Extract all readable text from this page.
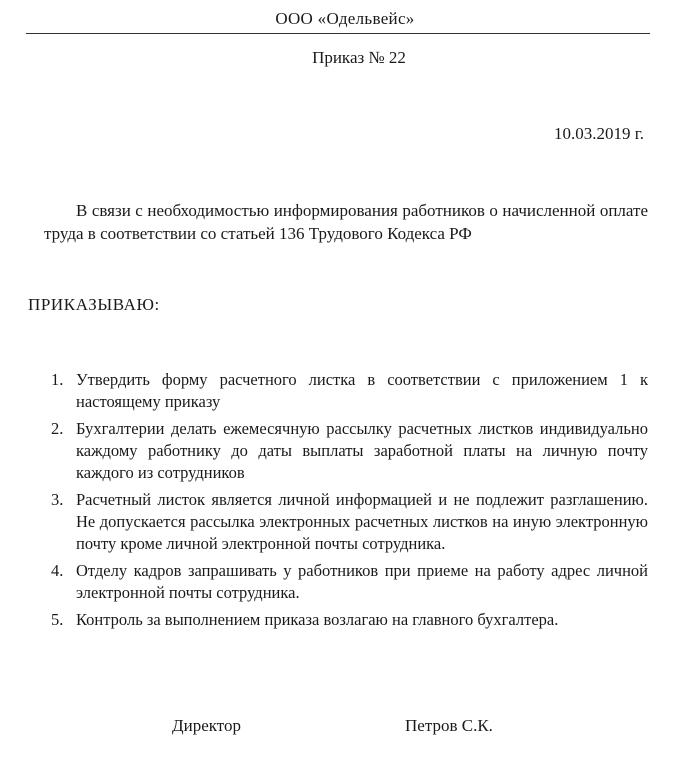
ООО «Одельвейс»
Приказ № 22
10.03.2019 г.

В связи с необходимостью информирования работников о начисленной оплате труда в соответствии со статьей 136 Трудового Кодекса РФ

ПРИКАЗЫВАЮ:
1. Утвердить форму расчетного листка в соответствии с приложением 1 к настоящему приказу
2. Бухгалтерии делать ежемесячную рассылку расчетных листков индивидуально каждому работнику до даты выплаты заработной платы на личную почту каждого из сотрудников
3. Расчетный листок является личной информацией и не подлежит разглашению. Не допускается рассылка электронных расчетных листков на иную электронную почту кроме личной электронной почты сотрудника.
4. Отделу кадров запрашивать у работников при приеме на работу адрес личной электронной почты сотрудника.
5. Контроль за выполнением приказа возлагаю на главного бухгалтера.
Директор	Петров С.К.
